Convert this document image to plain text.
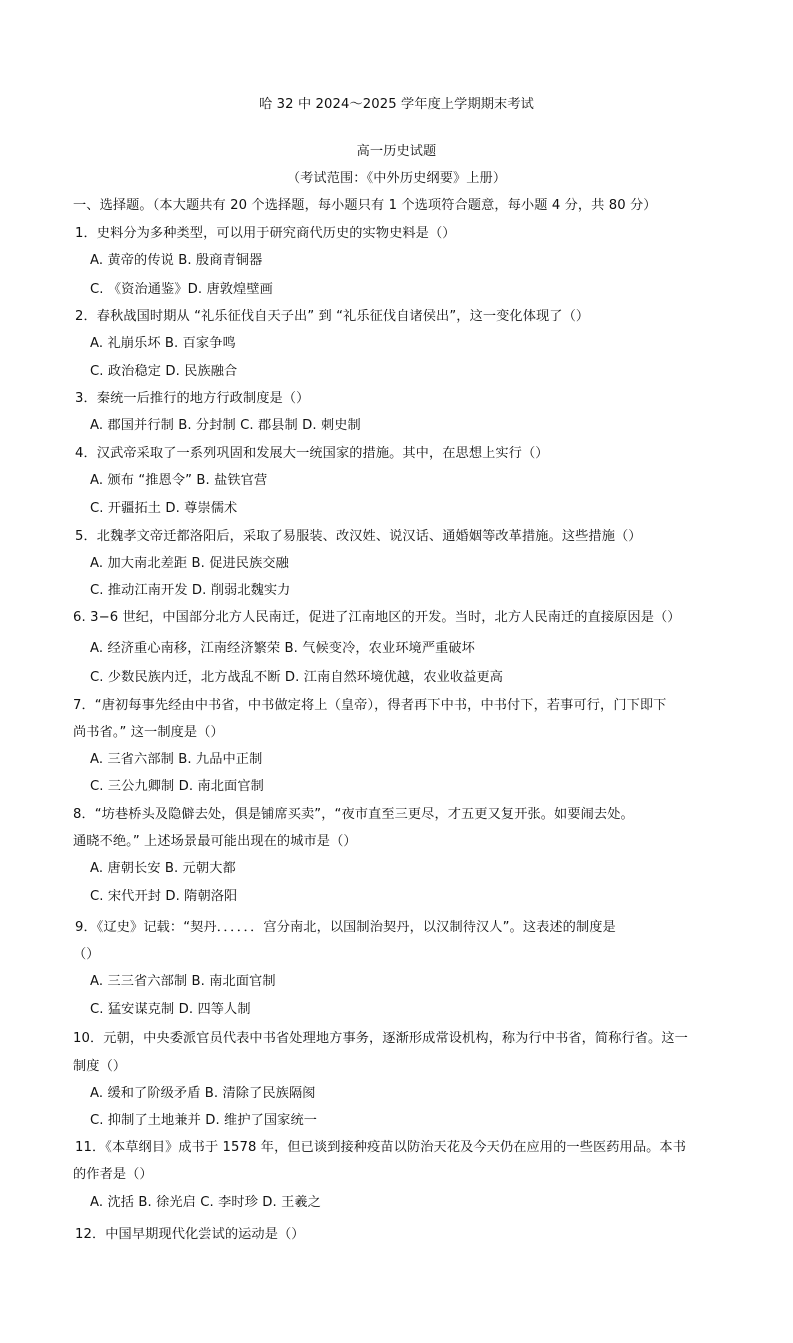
哈 32 中 2024～2025 学年度上学期期末考试
高一历史试题
（考试范围：《中外历史纲要》上册）
一、选择题。（本大题共有 20 个选择题，每小题只有 1 个选项符合题意，每小题 4 分，共 80 分）
1．史料分为多种类型，可以用于研究商代历史的实物史料是（）
A. 黄帝的传说 B. 殷商青铜器
C. 《资治通鉴》D. 唐敦煌壁画
2．春秋战国时期从 “礼乐征伐自天子出” 到 “礼乐征伐自诸侯出”，这一变化体现了（）
A. 礼崩乐坏 B. 百家争鸣
C. 政治稳定 D. 民族融合
3．秦统一后推行的地方行政制度是（）
A. 郡国并行制 B. 分封制 C. 郡县制 D. 刺史制
4．汉武帝采取了一系列巩固和发展大一统国家的措施。其中，在思想上实行（）
A. 颁布 “推恩令” B. 盐铁官营
C. 开疆拓土 D. 尊崇儒术
5．北魏孝文帝迁都洛阳后，采取了易服装、改汉姓、说汉话、通婚姻等改革措施。这些措施（）
A. 加大南北差距 B. 促进民族交融
C. 推动江南开发 D. 削弱北魏实力
6. 3−6 世纪，中国部分北方人民南迁，促进了江南地区的开发。当时，北方人民南迁的直接原因是（）
A. 经济重心南移，江南经济繁荣 B. 气候变冷，农业环境严重破坏
C. 少数民族内迁，北方战乱不断 D. 江南自然环境优越，农业收益更高
7．“唐初每事先经由中书省，中书做定将上（皇帝），得者再下中书，中书付下，若事可行，门下即下
尚书省。” 这一制度是（）
A. 三省六部制 B. 九品中正制
C. 三公九卿制 D. 南北面官制
8．“坊巷桥头及隐僻去处，俱是铺席买卖”，“夜市直至三更尽，才五更又复开张。如要闹去处。
通晓不绝。” 上述场景最可能出现在的城市是（）
A. 唐朝长安 B. 元朝大都
C. 宋代开封 D. 隋朝洛阳
9．《辽史》记载：“契丹．．．．．．宫分南北，以国制治契丹，以汉制待汉人”。这表述的制度是
（）
A. 三三省六部制 B. 南北面官制
C. 猛安谋克制 D. 四等人制
10．元朝，中央委派官员代表中书省处理地方事务，逐渐形成常设机构，称为行中书省，简称行省。这一
制度（）
A. 缓和了阶级矛盾 B. 清除了民族隔阂
C. 抑制了土地兼并 D. 维护了国家统一
11．《本草纲目》成书于 1578 年，但已谈到接种疫苗以防治天花及今天仍在应用的一些医药用品。本书
的作者是（）
A. 沈括 B. 徐光启 C. 李时珍 D. 王羲之
12．中国早期现代化尝试的运动是（）
